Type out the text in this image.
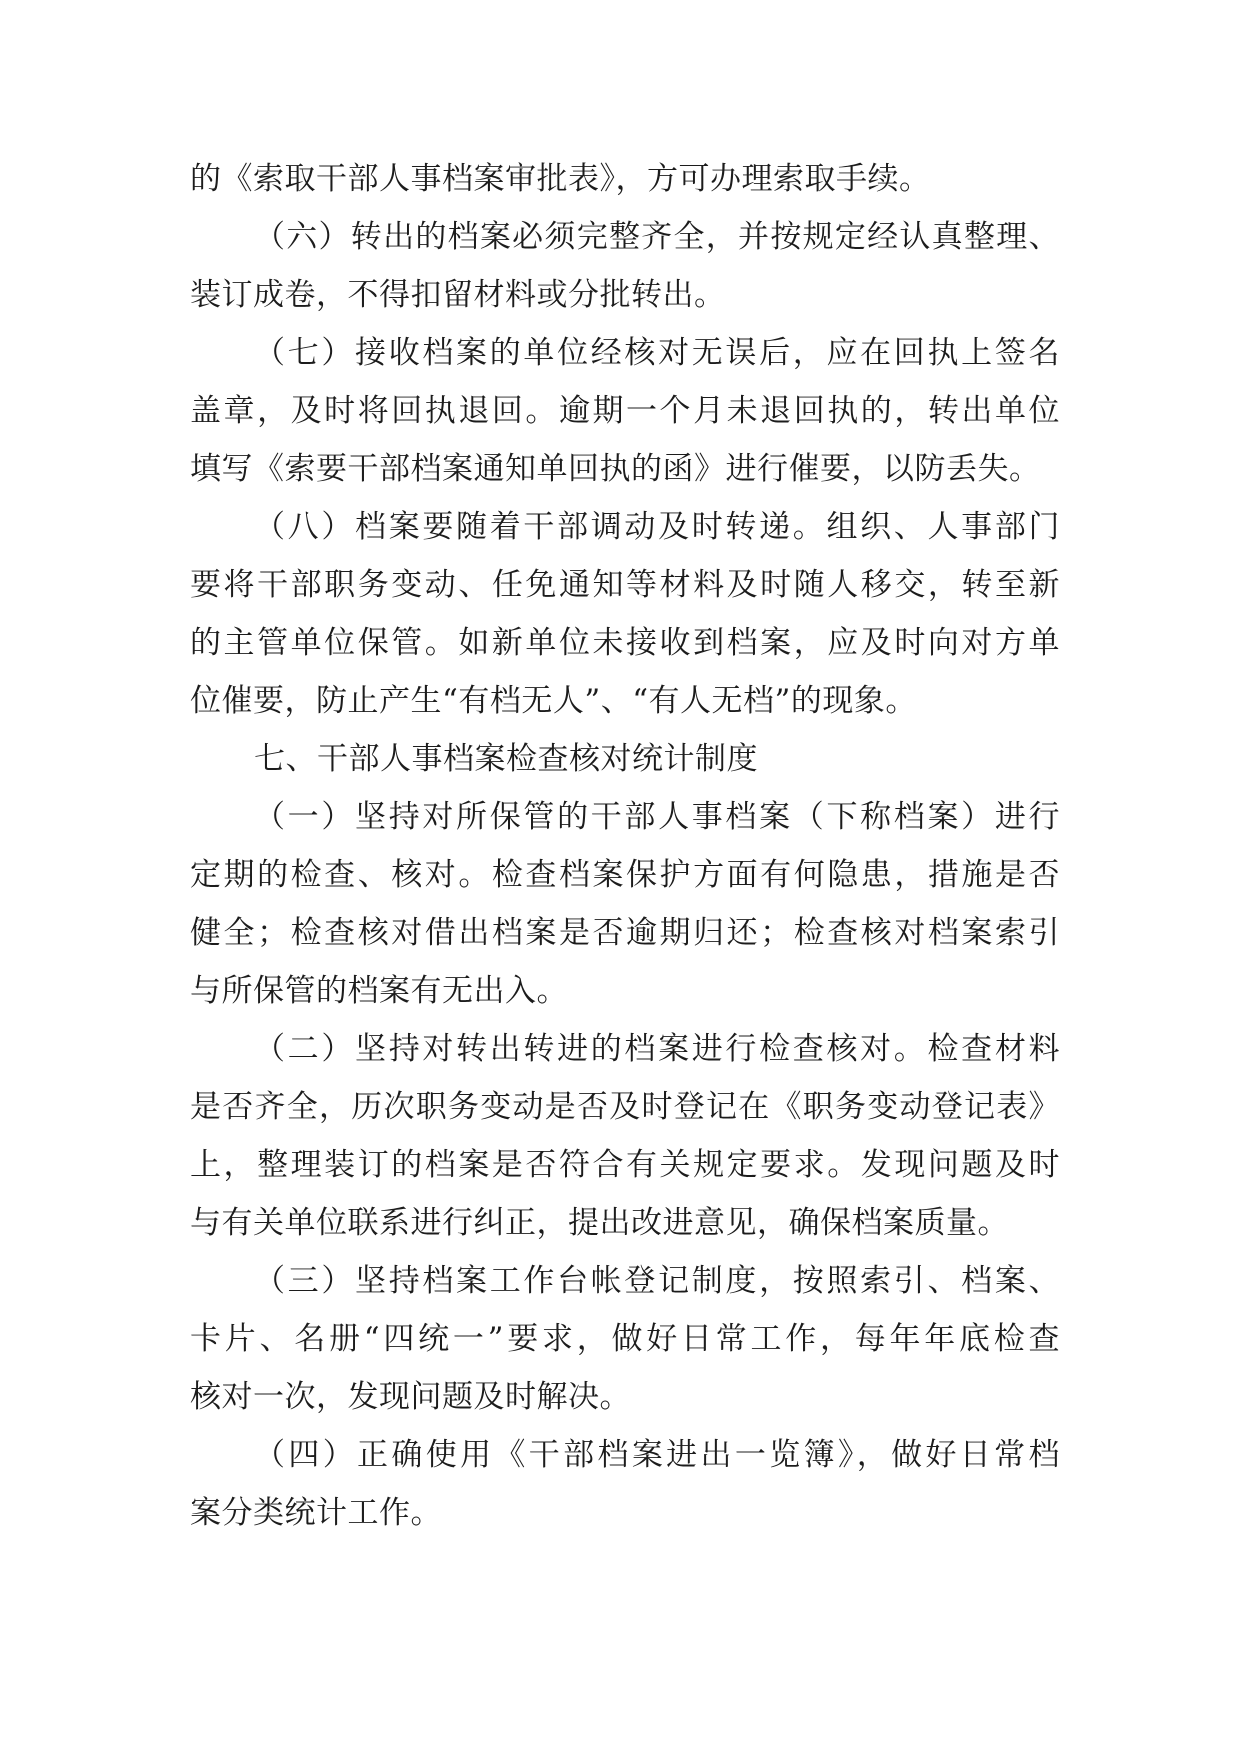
的《索取干部人事档案审批表》，方可办理索取手续。
（六）转出的档案必须完整齐全，并按规定经认真整理、
装订成卷，不得扣留材料或分批转出。
（七）接收档案的单位经核对无误后，应在回执上签名
盖章，及时将回执退回。逾期一个月未退回执的，转出单位
填写《索要干部档案通知单回执的函》进行催要，以防丢失。
（八）档案要随着干部调动及时转递。组织、人事部门
要将干部职务变动、任免通知等材料及时随人移交，转至新
的主管单位保管。如新单位未接收到档案，应及时向对方单
位催要，防止产生“有档无人”、“有人无档”的现象。
七、干部人事档案检查核对统计制度
（一）坚持对所保管的干部人事档案（下称档案）进行
定期的检查、核对。检查档案保护方面有何隐患，措施是否
健全；检查核对借出档案是否逾期归还；检查核对档案索引
与所保管的档案有无出入。
（二）坚持对转出转进的档案进行检查核对。检查材料
是否齐全，历次职务变动是否及时登记在《职务变动登记表》
上，整理装订的档案是否符合有关规定要求。发现问题及时
与有关单位联系进行纠正，提出改进意见，确保档案质量。
（三）坚持档案工作台帐登记制度，按照索引、档案、
卡片、名册“四统一”要求，做好日常工作，每年年底检查
核对一次，发现问题及时解决。
（四）正确使用《干部档案进出一览簿》，做好日常档
案分类统计工作。
